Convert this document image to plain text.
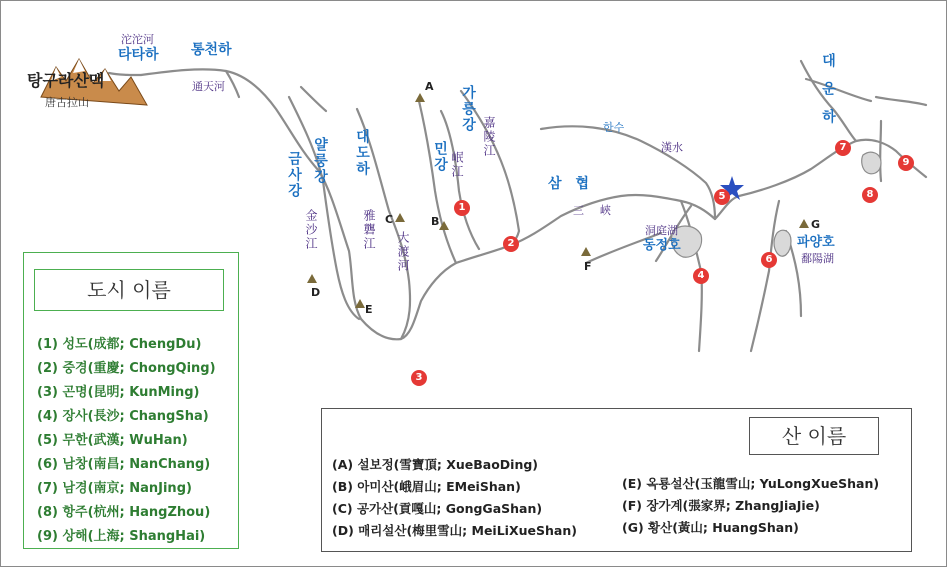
탕구라산맥
唐古拉山
沱沱河
타타하 통천하
通天河
금사강
金沙江
얄룽강
雅礱江
대도하
大渡河
민강 岷江
가릉강
嘉陵江
삼협
三峽
한수
漢水
洞庭湖
동정호	파양호
鄱陽湖
대운하
A
B
C
D
E
F
G
1
2
3
4
5
6
7
8
9
도시 이름
(1) 성도(成都; ChengDu)
(2) 중경(重慶; ChongQing)
(3) 곤명(昆明; KunMing)
(4) 장사(長沙; ChangSha)
(5) 무한(武漢; WuHan)
(6) 남창(南昌; NanChang)
(7) 남경(南京; NanJing)
(8) 항주(杭州; HangZhou)
(9) 상해(上海; ShangHai)
산 이름
(A) 설보정(雪寶頂; XueBaoDing)
(B) 아미산(峨眉山; EMeiShan)
(C) 공가산(貢嘎山; GongGaShan)
(D) 매리설산(梅里雪山; MeiLiXueShan)
(E) 옥룡설산(玉龍雪山; YuLongXueShan)
(F) 장가계(張家界; ZhangJiaJie)
(G) 황산(黃山; HuangShan)
